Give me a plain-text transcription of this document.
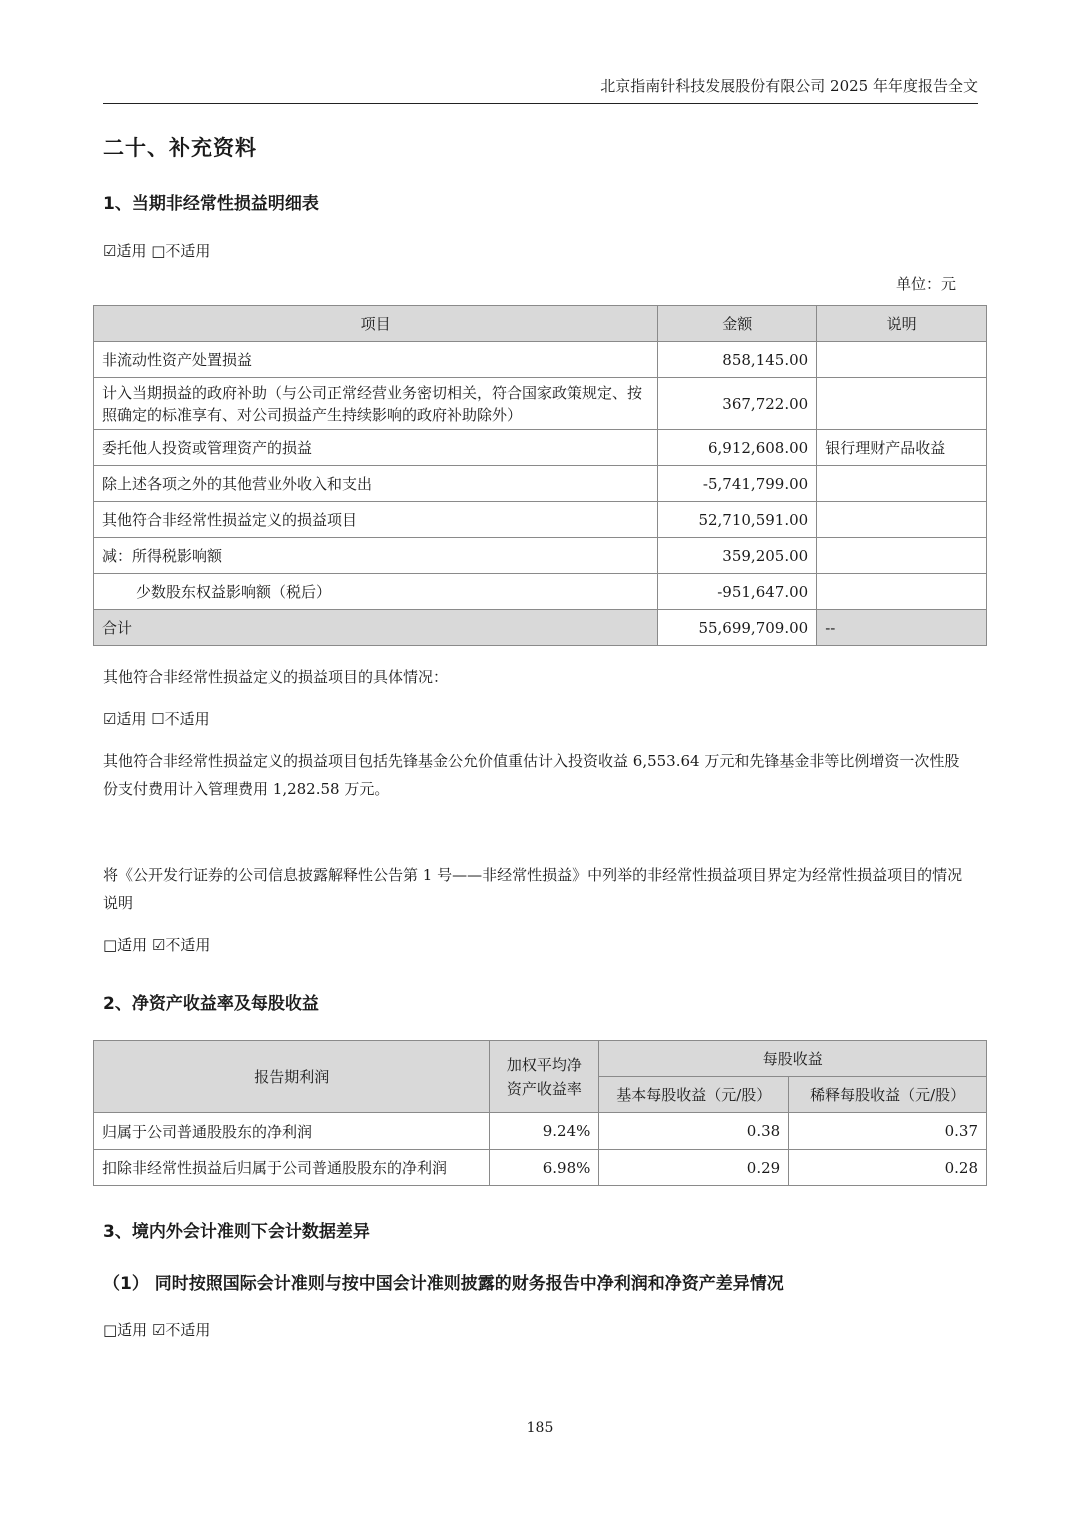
北京指南针科技发展股份有限公司 2025 年年度报告全文
二十、补充资料
1、当期非经常性损益明细表
☑适用 □不适用
单位：元
项目	金额	说明
非流动性资产处置损益	858,145.00	
计入当期损益的政府补助（与公司正常经营业务密切相关，符合国家政策规定、按照确定的标准享有、对公司损益产生持续影响的政府补助除外）	367,722.00	
委托他人投资或管理资产的损益	6,912,608.00	银行理财产品收益
除上述各项之外的其他营业外收入和支出	-5,741,799.00	
其他符合非经常性损益定义的损益项目	52,710,591.00	
减：所得税影响额	359,205.00	
少数股东权益影响额（税后）	-951,647.00	
合计	55,699,709.00	--
其他符合非经常性损益定义的损益项目的具体情况：
☑适用 ☐不适用
其他符合非经常性损益定义的损益项目包括先锋基金公允价值重估计入投资收益 6,553.64 万元和先锋基金非等比例增资一次性股份支付费用计入管理费用 1,282.58 万元。
将《公开发行证券的公司信息披露解释性公告第 1 号——非经常性损益》中列举的非经常性损益项目界定为经常性损益项目的情况说明
□适用 ☑不适用
2、净资产收益率及每股收益
报告期利润	加权平均净资产收益率	每股收益	
		基本每股收益（元/股）	稀释每股收益（元/股）
归属于公司普通股股东的净利润	9.24%	0.38	0.37
扣除非经常性损益后归属于公司普通股股东的净利润	6.98%	0.29	0.28
3、境内外会计准则下会计数据差异
（1） 同时按照国际会计准则与按中国会计准则披露的财务报告中净利润和净资产差异情况
□适用 ☑不适用
185
